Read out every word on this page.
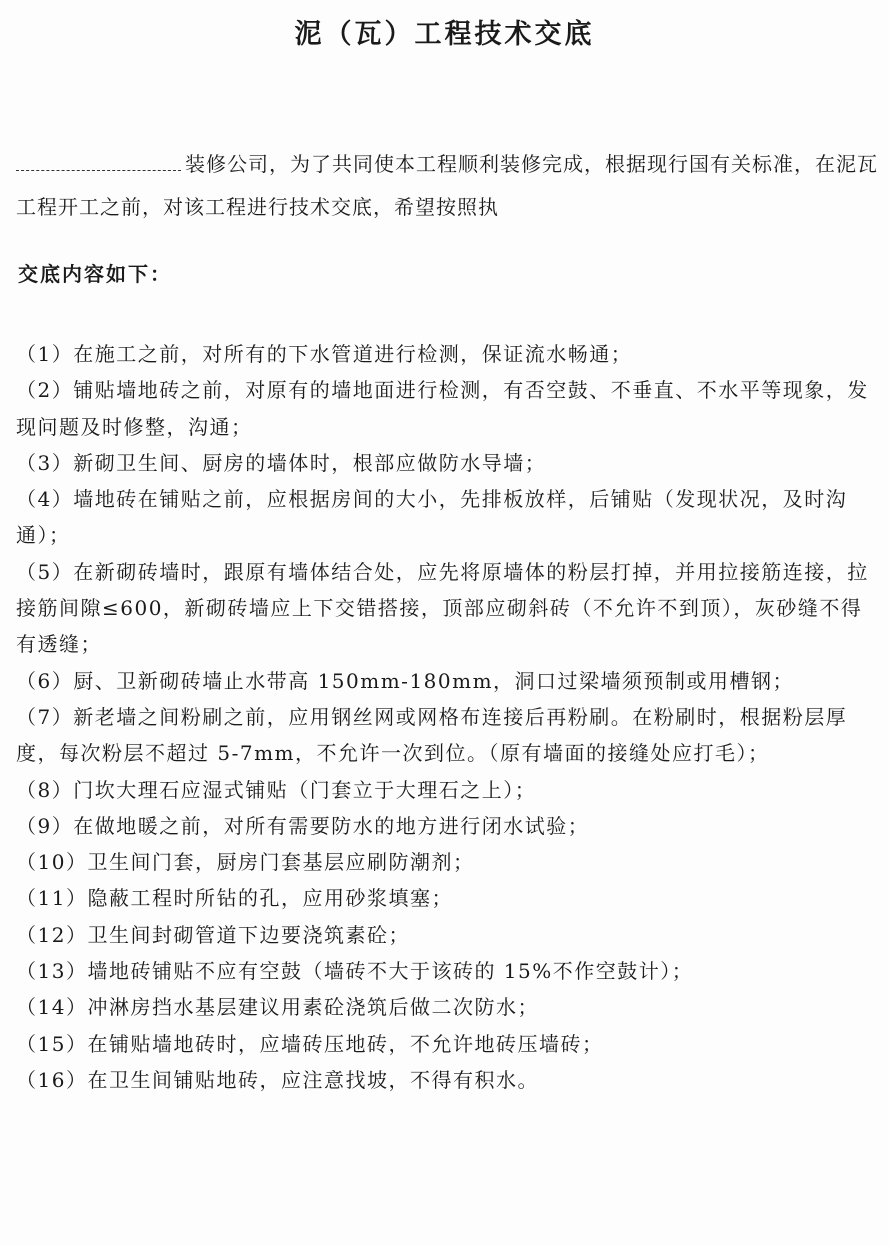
泥（瓦）工程技术交底
装修公司，为了共同使本工程顺利装修完成，根据现行国有关标准，在泥瓦工程开工之前，对该工程进行技术交底，希望按照执
交底内容如下：

（1）在施工之前，对所有的下水管道进行检测，保证流水畅通；

（2）铺贴墙地砖之前，对原有的墙地面进行检测，有否空鼓、不垂直、不水平等现象，发现问题及时修整，沟通；

（3）新砌卫生间、厨房的墙体时，根部应做防水导墙；

（4）墙地砖在铺贴之前，应根据房间的大小，先排板放样，后铺贴（发现状况，及时沟通）；

（5）在新砌砖墙时，跟原有墙体结合处，应先将原墙体的粉层打掉，并用拉接筋连接，拉接筋间隙≤600，新砌砖墙应上下交错搭接，顶部应砌斜砖（不允许不到顶），灰砂缝不得有透缝；

（6）厨、卫新砌砖墙止水带高 150mm-180mm，洞口过梁墙须预制或用槽钢；

（7）新老墙之间粉刷之前，应用钢丝网或网格布连接后再粉刷。在粉刷时，根据粉层厚度，每次粉层不超过 5-7mm，不允许一次到位。（原有墙面的接缝处应打毛）；

（8）门坎大理石应湿式铺贴（门套立于大理石之上）；

（9）在做地暖之前，对所有需要防水的地方进行闭水试验；

（10）卫生间门套，厨房门套基层应刷防潮剂；

（11）隐蔽工程时所钻的孔，应用砂浆填塞；

（12）卫生间封砌管道下边要浇筑素砼；

（13）墙地砖铺贴不应有空鼓（墙砖不大于该砖的 15%不作空鼓计）；

（14）冲淋房挡水基层建议用素砼浇筑后做二次防水；

（15）在铺贴墙地砖时，应墙砖压地砖，不允许地砖压墙砖；

（16）在卫生间铺贴地砖，应注意找坡，不得有积水。
